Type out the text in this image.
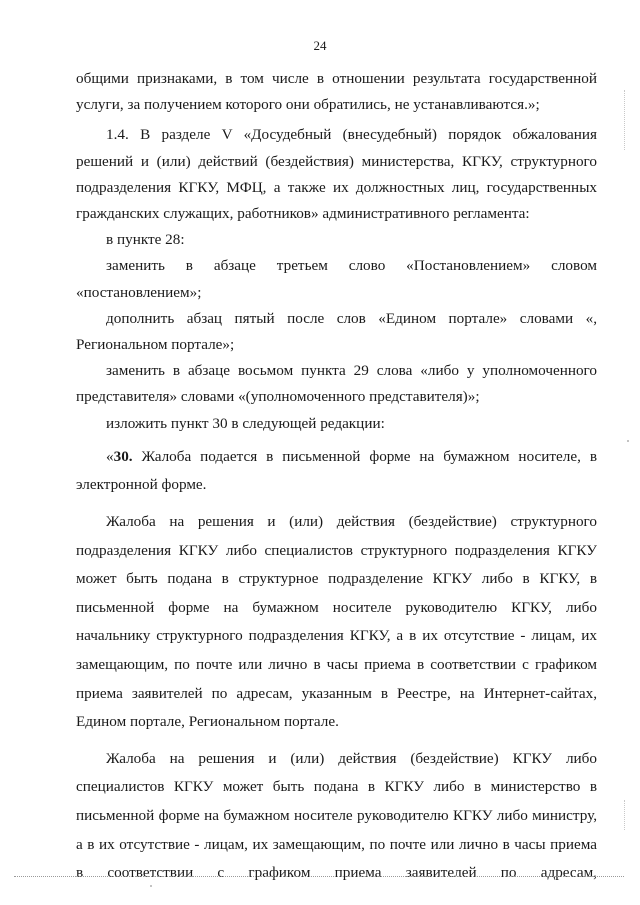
24

общими признаками, в том числе в отношении результата государственной услуги, за получением которого они обратились, не устанавливаются.»;

1.4. В разделе V «Досудебный (внесудебный) порядок обжалования решений и (или) действий (бездействия) министерства, КГКУ, структурного подразделения КГКУ, МФЦ, а также их должностных лиц, государственных гражданских служащих, работников» административного регламента:

в пункте 28:

заменить в абзаце третьем слово «Постановлением» словом «постановлением»;

дополнить абзац пятый после слов «Едином портале» словами «, Региональном портале»;

заменить в абзаце восьмом пункта 29 слова «либо у уполномоченного представителя» словами «(уполномоченного представителя)»;

изложить пункт 30 в следующей редакции:

«30. Жалоба подается в письменной форме на бумажном носителе, в электронной форме.

Жалоба на решения и (или) действия (бездействие) структурного подразделения КГКУ либо специалистов структурного подразделения КГКУ может быть подана в структурное подразделение КГКУ либо в КГКУ, в письменной форме на бумажном носителе руководителю КГКУ, либо начальнику структурного подразделения КГКУ, а в их отсутствие - лицам, их замещающим, по почте или лично в часы приема в соответствии с графиком приема заявителей по адресам, указанным в Реестре, на Интернет-сайтах, Едином портале, Региональном портале.

Жалоба на решения и (или) действия (бездействие) КГКУ либо специалистов КГКУ может быть подана в КГКУ либо в министерство в письменной форме на бумажном носителе руководителю КГКУ либо министру, а в их отсутствие - лицам, их замещающим, по почте или лично в часы приема в соответствии с графиком приема заявителей по адресам,
